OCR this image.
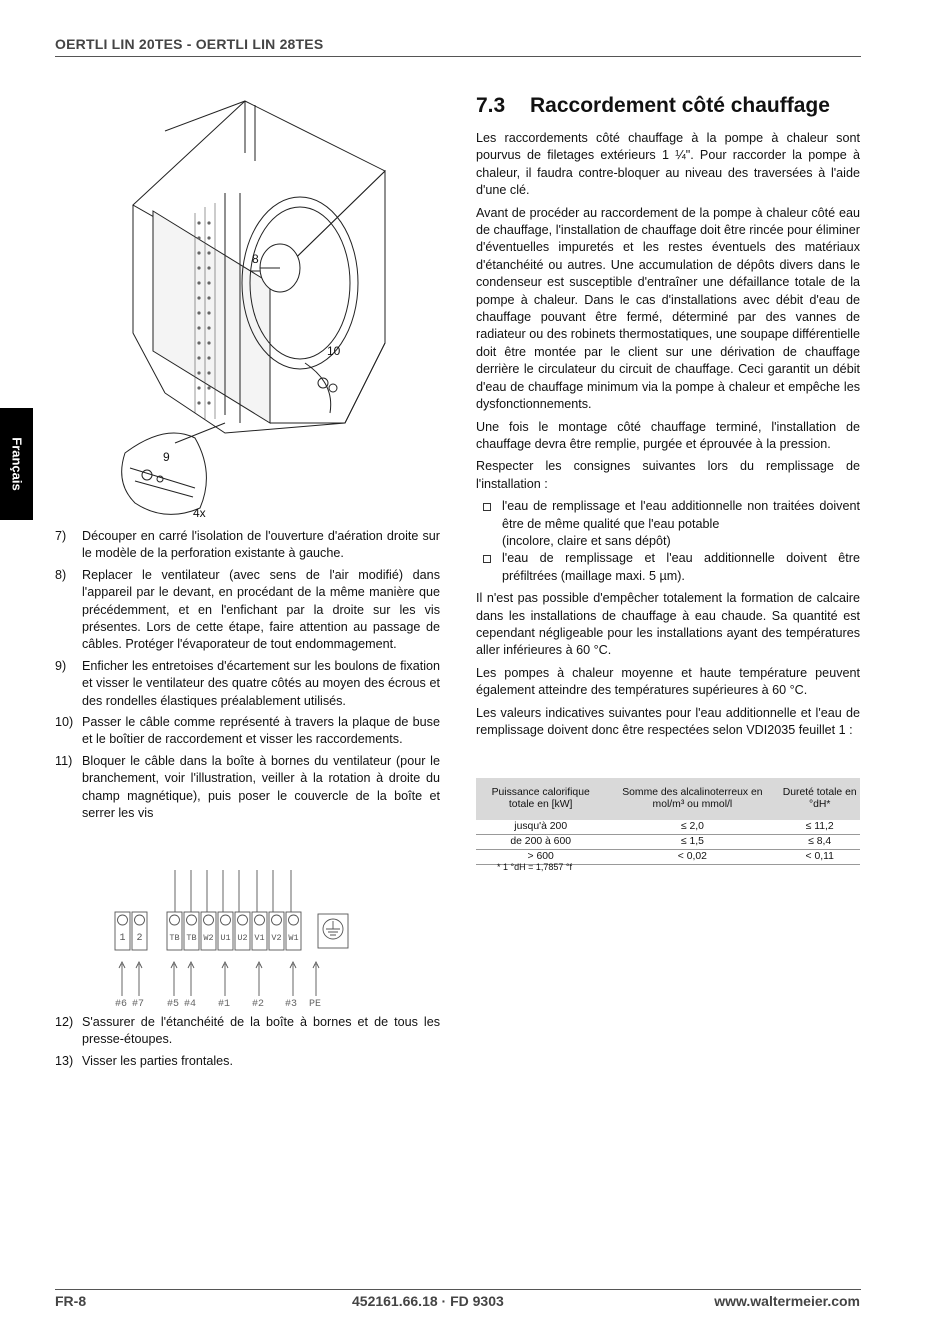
OERTLI LIN 20TES - OERTLI LIN 28TES
Français
8
10
9
4x
7)	Découper en carré l'isolation de l'ouverture d'aération droite sur le modèle de la perforation existante à gauche.
8)	Replacer le ventilateur (avec sens de l'air modifié) dans l'appareil par le devant, en procédant de la même manière que précédemment, et en l'enfichant par la droite sur les vis présentes. Lors de cette étape, faire attention au passage de câbles. Protéger l'évaporateur de tout endommagement.
9)	Enficher les entretoises d'écartement sur les boulons de fixation et visser le ventilateur des quatre côtés au moyen des écrous et des rondelles élastiques préalablement utilisés.
10) Passer le câble comme représenté à travers la plaque de buse et le boîtier de raccordement et visser les raccordements.
11) Bloquer le câble dans la boîte à bornes du ventilateur (pour le branchement, voir l'illustration, veiller à la rotation à droite du champ magnétique), puis poser le couvercle de la boîte et serrer les vis
1 2	TB TB W2 U1 U2 V1 V2 W1
#6 #7 #5 #4 #1 #2 #3 PE
12) S'assurer de l'étanchéité de la boîte à bornes et de tous les presse-étoupes.
13) Visser les parties frontales.
7.3 Raccordement côté chauffage

Les raccordements côté chauffage à la pompe à chaleur sont pourvus de filetages extérieurs 1 ¼". Pour raccorder la pompe à chaleur, il faudra contre-bloquer au niveau des traversées à l'aide d'une clé.

Avant de procéder au raccordement de la pompe à chaleur côté eau de chauffage, l'installation de chauffage doit être rincée pour éliminer d'éventuelles impuretés et les restes éventuels des matériaux d'étanchéité ou autres. Une accumulation de dépôts divers dans le condenseur est susceptible d'entraîner une défaillance totale de la pompe à chaleur. Dans le cas d'installations avec débit d'eau de chauffage pouvant être fermé, déterminé par des vannes de radiateur ou des robinets thermostatiques, une soupape différentielle doit être montée par le client sur une dérivation de chauffage derrière le circulateur du circuit de chauffage. Ceci garantit un débit d'eau de chauffage minimum via la pompe à chaleur et empêche les dysfonctionnements.

Une fois le montage côté chauffage terminé, l'installation de chauffage devra être remplie, purgée et éprouvée à la pression.

Respecter les consignes suivantes lors du remplissage de l'installation :

l'eau de remplissage et l'eau additionnelle non traitées doivent être de même qualité que l'eau potable
(incolore, claire et sans dépôt)
l'eau de remplissage et l'eau additionnelle doivent être préfiltrées (maillage maxi. 5 µm).

Il n'est pas possible d'empêcher totalement la formation de calcaire dans les installations de chauffage à eau chaude. Sa quantité est cependant négligeable pour les installations ayant des températures aller inférieures à 60 °C.

Les pompes à chaleur moyenne et haute température peuvent également atteindre des températures supérieures à 60 °C.

Les valeurs indicatives suivantes pour l'eau additionnelle et l'eau de remplissage doivent donc être respectées selon VDI2035 feuillet 1 :

Puissance calorifique totale en [kW]	Somme des alcalinoterreux en mol/m³ ou mmol/l	Dureté totale en °dH*
jusqu'à 200	≤ 2,0	≤ 11,2
de 200 à 600	≤ 1,5	≤ 8,4
> 600	< 0,02	< 0,11
* 1 °dH = 1,7857 °f
FR-8	452161.66.18 · FD 9303	www.waltermeier.com
